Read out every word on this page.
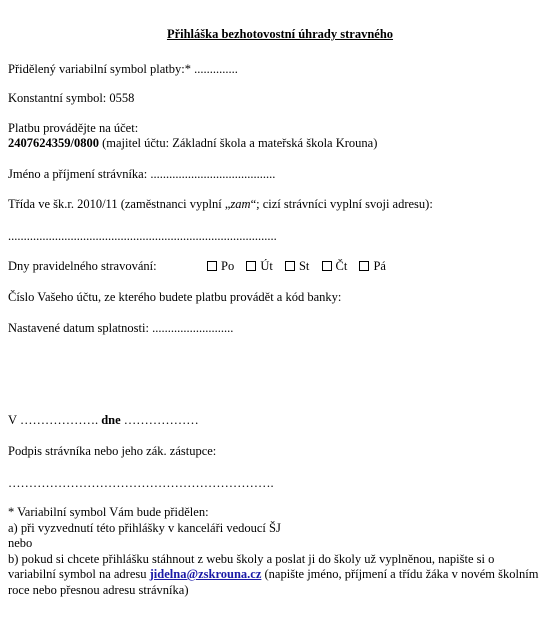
Přihláška bezhotovostní úhrady stravného
Přidělený variabilní symbol platby:* ..............
Konstantní symbol: 0558
Platbu provádějte na účet:
2407624359/0800 (majitel účtu: Základní škola a mateřská škola Krouna)
Jméno a příjmení strávníka: ........................................
Třída ve šk.r. 2010/11 (zaměstnanci vyplní „zam“; cizí strávníci vyplní svoji adresu):
......................................................................................
Dny pravidelného stravování:	Po Út St Čt Pá
Číslo Vašeho účtu, ze kterého budete platbu provádět a kód banky:
Nastavené datum splatnosti: ..........................
V ………………. dne ………………
Podpis strávníka nebo jeho zák. zástupce:
……………………………………………………….
* Variabilní symbol Vám bude přidělen:
a) při vyzvednutí této přihlášky v kanceláři vedoucí ŠJ
nebo
b) pokud si chcete přihlášku stáhnout z webu školy a poslat ji do školy už vyplněnou, napište si o
variabilní symbol na adresu jidelna@zskrouna.cz (napište jméno, příjmení a třídu žáka v novém školním
roce nebo přesnou adresu strávníka)
